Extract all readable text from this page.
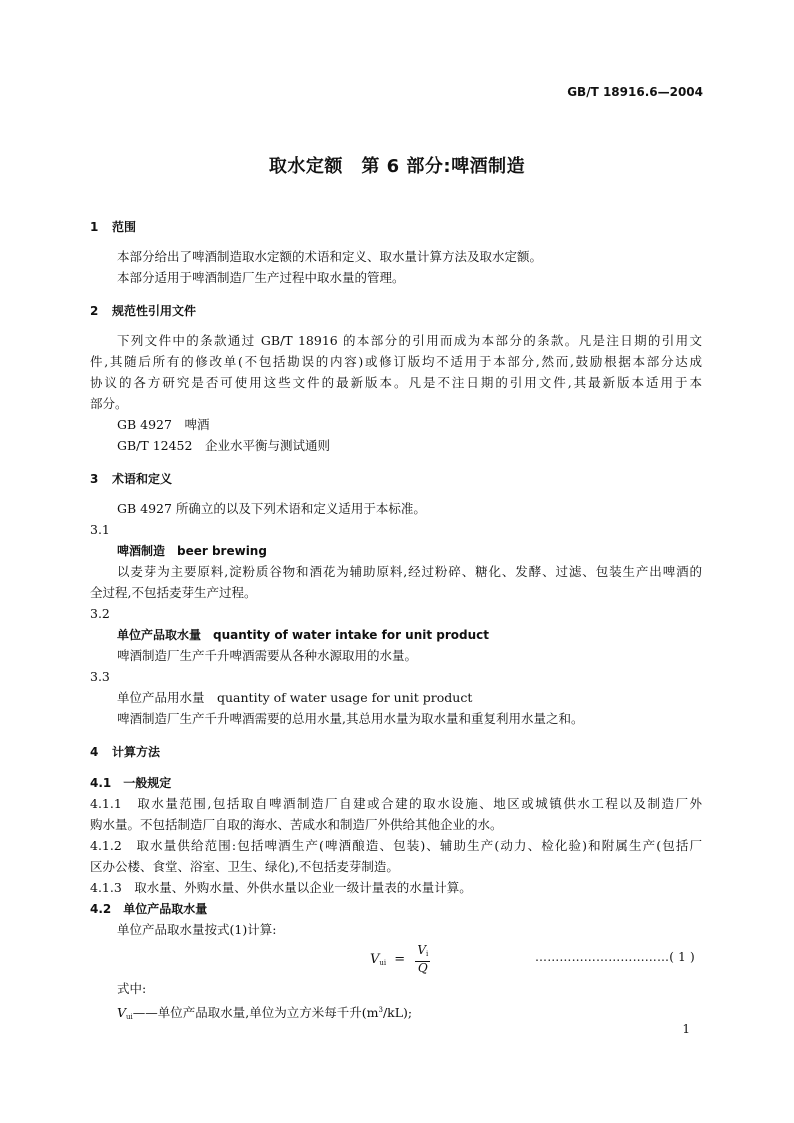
GB/T 18916.6—2004
取水定额　第 6 部分:啤酒制造
1 范围
本部分给出了啤酒制造取水定额的术语和定义、取水量计算方法及取水定额。
本部分适用于啤酒制造厂生产过程中取水量的管理。
2 规范性引用文件
下列文件中的条款通过 GB/T 18916 的本部分的引用而成为本部分的条款。凡是注日期的引用文
件,其随后所有的修改单(不包括勘误的内容)或修订版均不适用于本部分,然而,鼓励根据本部分达成
协议的各方研究是否可使用这些文件的最新版本。凡是不注日期的引用文件,其最新版本适用于本
部分。
GB 4927　啤酒
GB/T 12452　企业水平衡与测试通则
3 术语和定义
GB 4927 所确立的以及下列术语和定义适用于本标准。
3.1
啤酒制造　beer brewing
以麦芽为主要原料,淀粉质谷物和酒花为辅助原料,经过粉碎、糖化、发酵、过滤、包装生产出啤酒的
全过程,不包括麦芽生产过程。
3.2
单位产品取水量　quantity of water intake for unit product
啤酒制造厂生产千升啤酒需要从各种水源取用的水量。
3.3
单位产品用水量　quantity of water usage for unit product
啤酒制造厂生产千升啤酒需要的总用水量,其总用水量为取水量和重复利用水量之和。
4 计算方法
4.1　一般规定
4.1.1　取水量范围,包括取自啤酒制造厂自建或合建的取水设施、地区或城镇供水工程以及制造厂外
购水量。不包括制造厂自取的海水、苦咸水和制造厂外供给其他企业的水。
4.1.2　取水量供给范围:包括啤酒生产(啤酒酿造、包装)、辅助生产(动力、检化验)和附属生产(包括厂
区办公楼、食堂、浴室、卫生、绿化),不包括麦芽制造。
4.1.3　取水量、外购水量、外供水量以企业一级计量表的水量计算。
4.2　单位产品取水量
单位产品取水量按式(1)计算:
$V_{ui} = \frac{V_i}{Q}$	……………………………( 1 )
式中:
Vui——单位产品取水量,单位为立方米每千升$(m^3/kL)$;
1
